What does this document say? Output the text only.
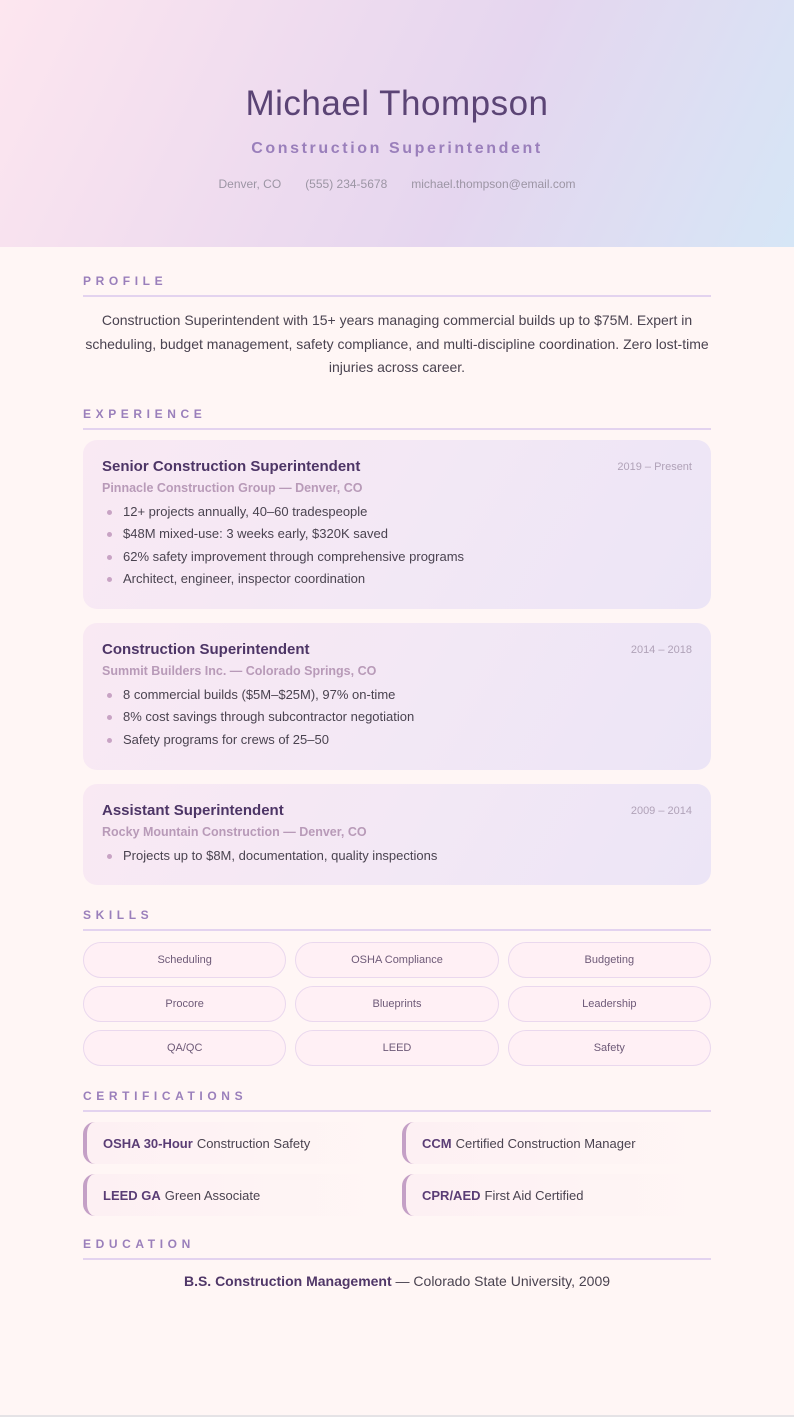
Michael Thompson
Construction Superintendent
Denver, CO (555) 234-5678 michael.thompson@email.com
PROFILE

Construction Superintendent with 15+ years managing commercial builds up to $75M. Expert in scheduling, budget management, safety compliance, and multi-discipline coordination. Zero lost-time injuries across career.

EXPERIENCE
Senior Construction Superintendent	2019 – Present
Pinnacle Construction Group — Denver, CO
12+ projects annually, 40–60 tradespeople
$48M mixed-use: 3 weeks early, $320K saved
62% safety improvement through comprehensive programs
Architect, engineer, inspector coordination
Construction Superintendent	2014 – 2018
Summit Builders Inc. — Colorado Springs, CO
8 commercial builds ($5M–$25M), 97% on-time
8% cost savings through subcontractor negotiation
Safety programs for crews of 25–50
Assistant Superintendent	2009 – 2014
Rocky Mountain Construction — Denver, CO
Projects up to $8M, documentation, quality inspections
SKILLS
Scheduling	OSHA Compliance	Budgeting
Procore	Blueprints	Leadership
QA/QC	LEED	Safety
CERTIFICATIONS
OSHA 30-Hour Construction Safety	CCM Certified Construction Manager
LEED GA Green Associate	CPR/AED First Aid Certified
EDUCATION
B.S. Construction Management — Colorado State University, 2009
